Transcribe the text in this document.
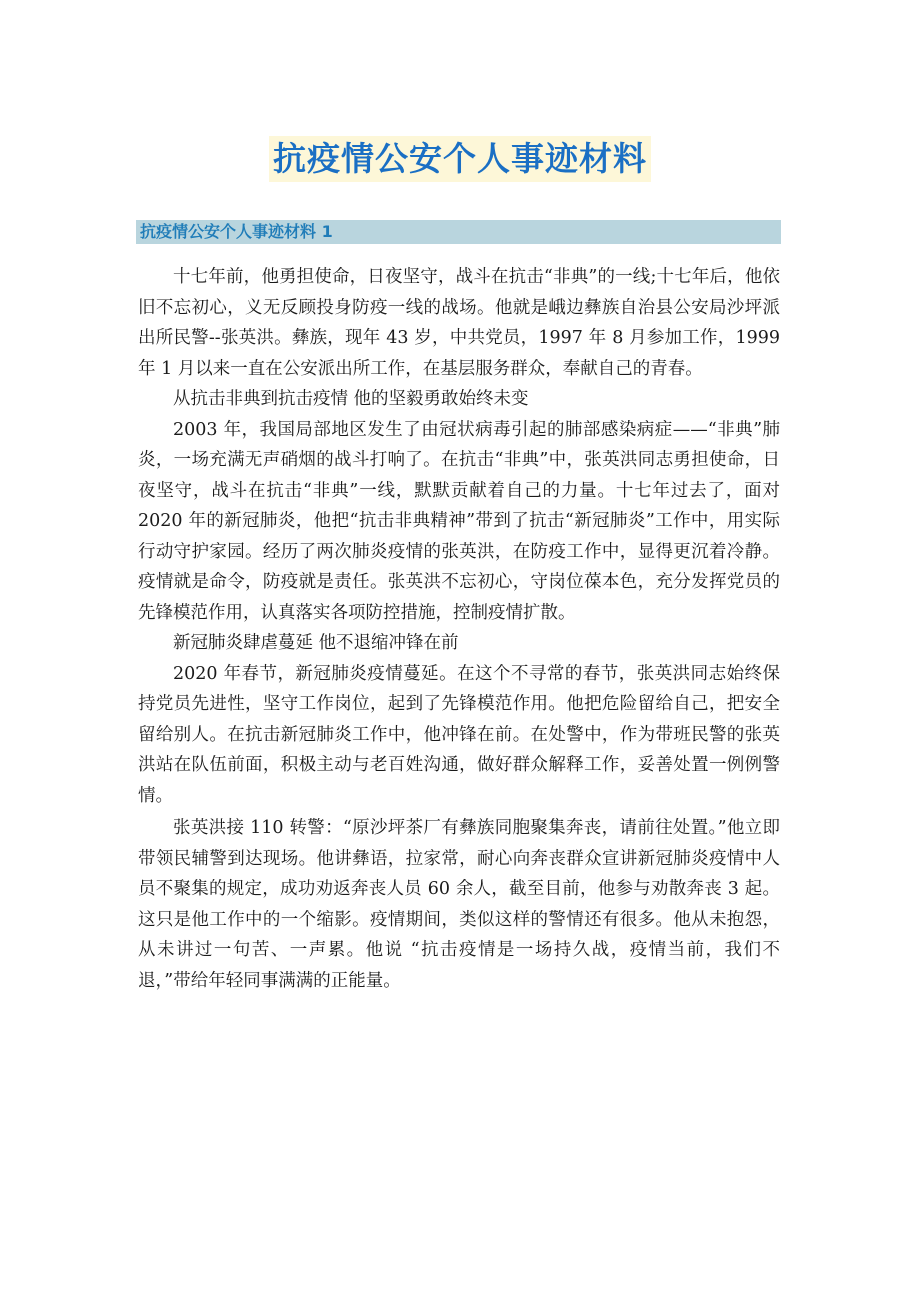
抗疫情公安个人事迹材料
抗疫情公安个人事迹材料 1

十七年前，他勇担使命，日夜坚守，战斗在抗击“非典”的一线;十七年后，他依旧不忘初心，义无反顾投身防疫一线的战场。他就是峨边彝族自治县公安局沙坪派出所民警--张英洪。彝族，现年 43 岁，中共党员，1997 年 8 月参加工作，1999 年 1 月以来一直在公安派出所工作，在基层服务群众，奉献自己的青春。

从抗击非典到抗击疫情 他的坚毅勇敢始终未变

2003 年，我国局部地区发生了由冠状病毒引起的肺部感染病症——“非典”肺炎，一场充满无声硝烟的战斗打响了。在抗击“非典”中，张英洪同志勇担使命，日夜坚守，战斗在抗击“非典”一线，默默贡献着自己的力量。十七年过去了，面对 2020 年的新冠肺炎，他把“抗击非典精神”带到了抗击“新冠肺炎”工作中，用实际行动守护家园。经历了两次肺炎疫情的张英洪，在防疫工作中，显得更沉着冷静。疫情就是命令，防疫就是责任。张英洪不忘初心，守岗位葆本色，充分发挥党员的先锋模范作用，认真落实各项防控措施，控制疫情扩散。

新冠肺炎肆虐蔓延 他不退缩冲锋在前

2020 年春节，新冠肺炎疫情蔓延。在这个不寻常的春节，张英洪同志始终保持党员先进性，坚守工作岗位，起到了先锋模范作用。他把危险留给自己，把安全留给别人。在抗击新冠肺炎工作中，他冲锋在前。在处警中，作为带班民警的张英洪站在队伍前面，积极主动与老百姓沟通，做好群众解释工作，妥善处置一例例警情。

张英洪接 110 转警：“原沙坪茶厂有彝族同胞聚集奔丧，请前往处置。”他立即带领民辅警到达现场。他讲彝语，拉家常，耐心向奔丧群众宣讲新冠肺炎疫情中人员不聚集的规定，成功劝返奔丧人员 60 余人，截至目前，他参与劝散奔丧 3 起。这只是他工作中的一个缩影。疫情期间，类似这样的警情还有很多。他从未抱怨，从未讲过一句苦、一声累。他说 “抗击疫情是一场持久战，疫情当前，我们不退，”带给年轻同事满满的正能量。
